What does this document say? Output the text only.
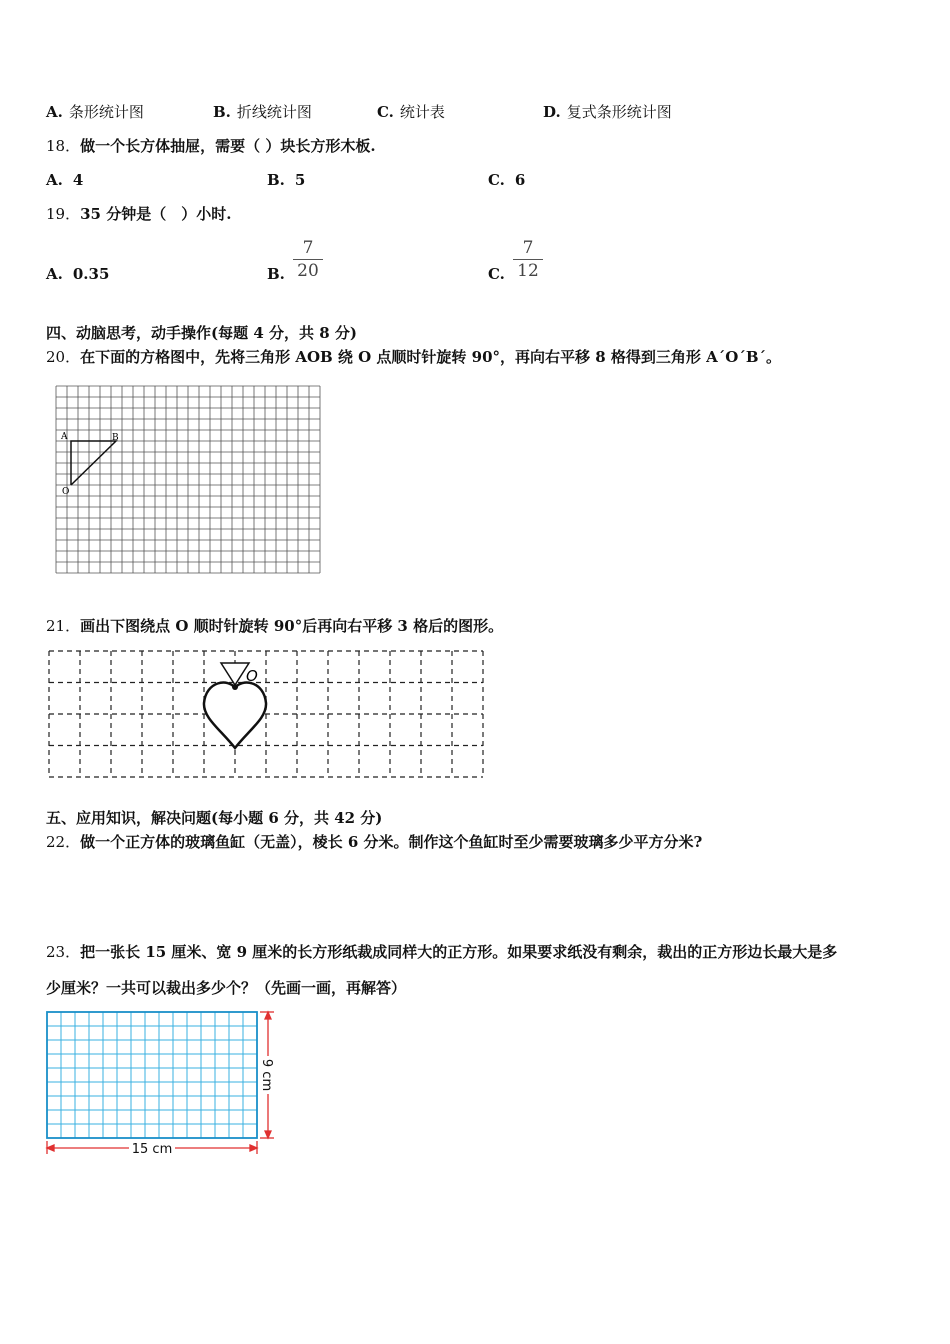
A. 条形统计图	B. 折线统计图	C. 统计表	D. 复式条形统计图
18．做一个长方体抽屉，需要（ ）块长方形木板.
A. 4	B. 5	C. 6
19．35 分钟是（　）小时.
A. 0.35	B.
7
20	C.
7
12
四、动脑思考，动手操作(每题 4 分，共 8 分)
20．在下面的方格图中，先将三角形 AOB 绕 O 点顺时针旋转 90°，再向右平移 8 格得到三角形 A´O´B´。
A	B
O
21．画出下图绕点 O 顺时针旋转 90°后再向右平移 3 格后的图形。
O
五、应用知识，解决问题(每小题 6 分，共 42 分)
22．做一个正方体的玻璃鱼缸（无盖），棱长 6 分米。制作这个鱼缸时至少需要玻璃多少平方分米?
23．把一张长 15 厘米、宽 9 厘米的长方形纸裁成同样大的正方形。如果要求纸没有剩余，裁出的正方形边长最大是多
少厘米？一共可以裁出多少个？（先画一画，再解答）
15 cm
9 cm
